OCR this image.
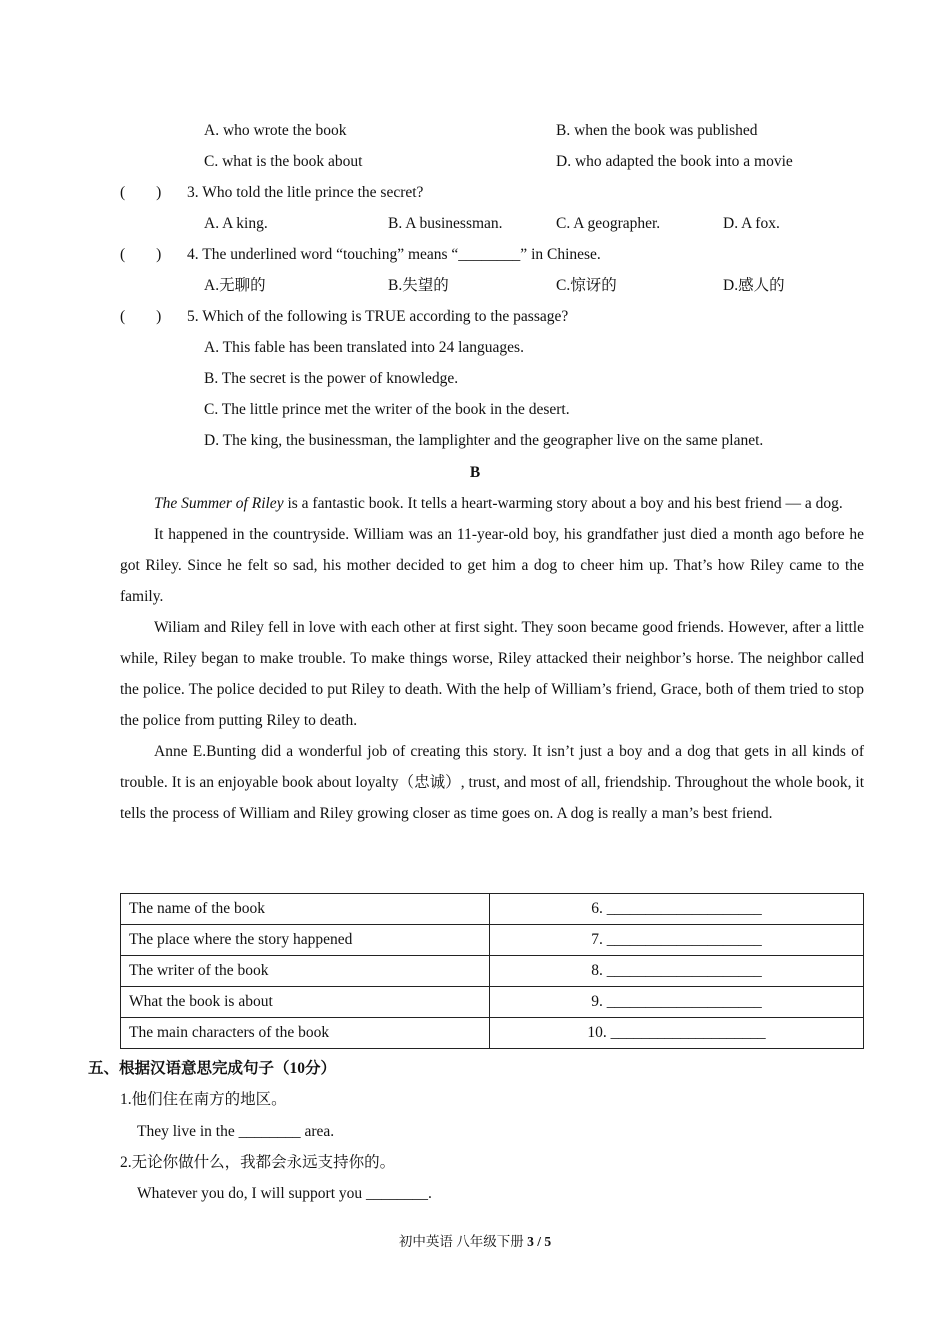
A. who wrote the book	B. when the book was published
C. what is the book about	D. who adapted the book into a movie
(　　) 3. Who told the litle prince the secret?
A. A king.	B. A businessman.	C. A geographer.	D. A fox.
(　　) 4. The underlined word “touching” means “________” in Chinese.
A.无聊的	B.失望的	C.惊讶的	D.感人的
(　　) 5. Which of the following is TRUE according to the passage?
A. This fable has been translated into 24 languages.
B. The secret is the power of knowledge.
C. The little prince met the writer of the book in the desert.
D. The king, the businessman, the lamplighter and the geographer live on the same planet.
B

The Summer of Riley is a fantastic book. It tells a heart-warming story about a boy and his best friend — a dog.

It happened in the countryside. William was an 11-year-old boy, his grandfather just died a month ago before he got Riley. Since he felt so sad, his mother decided to get him a dog to cheer him up. That’s how Riley came to the family.

Wiliam and Riley fell in love with each other at first sight. They soon became good friends. However, after a little while, Riley began to make trouble. To make things worse, Riley attacked their neighbor’s horse. The neighbor called the police. The police decided to put Riley to death. With the help of William’s friend, Grace, both of them tried to stop the police from putting Riley to death.

Anne E.Bunting did a wonderful job of creating this story. It isn’t just a boy and a dog that gets in all kinds of trouble. It is an enjoyable book about loyalty（忠诚）, trust, and most of all, friendship. Throughout the whole book, it tells the process of William and Riley growing closer as time goes on. A dog is really a man’s best friend.

The name of the book	6. ____________________
The place where the story happened	7. ____________________
The writer of the book	8. ____________________
What the book is about	9. ____________________
The main characters of the book	10. ____________________
五、根据汉语意思完成句子（10分）
1.他们住在南方的地区。
They live in the ________ area.
2.无论你做什么，我都会永远支持你的。
Whatever you do, I will support you ________.
初中英语 八年级下册 3 / 5
